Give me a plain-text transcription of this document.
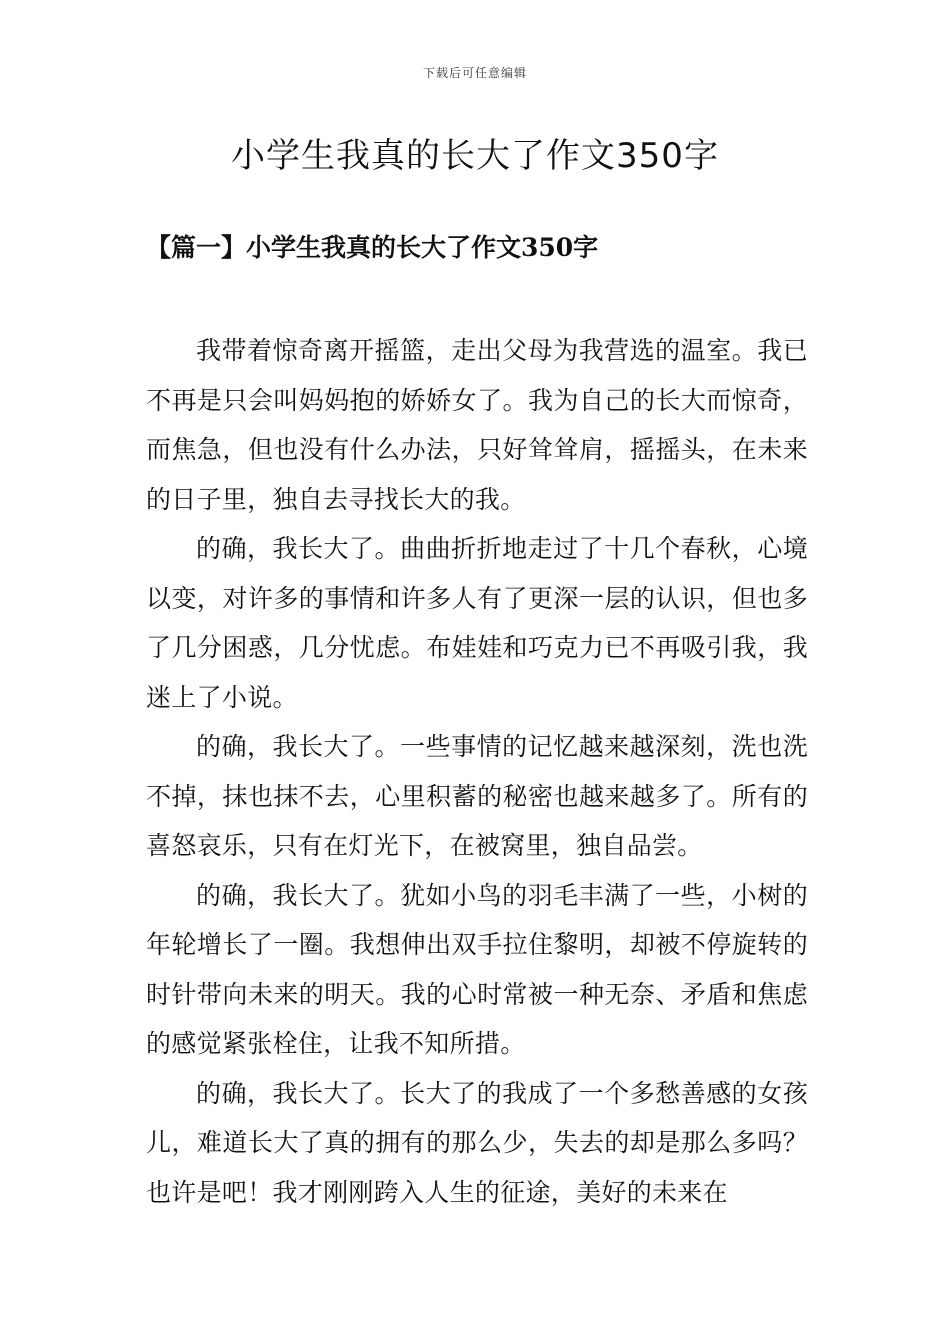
下载后可任意编辑
小学生我真的长大了作文350字
【篇一】小学生我真的长大了作文350字

我带着惊奇离开摇篮，走出父母为我营选的温室。我已不再是只会叫妈妈抱的娇娇女了。我为自己的长大而惊奇，而焦急，但也没有什么办法，只好耸耸肩，摇摇头，在未来的日子里，独自去寻找长大的我。

的确，我长大了。曲曲折折地走过了十几个春秋，心境以变，对许多的事情和许多人有了更深一层的认识，但也多了几分困惑，几分忧虑。布娃娃和巧克力已不再吸引我，我迷上了小说。

的确，我长大了。一些事情的记忆越来越深刻，洗也洗不掉，抹也抹不去，心里积蓄的秘密也越来越多了。所有的喜怒哀乐，只有在灯光下，在被窝里，独自品尝。

的确，我长大了。犹如小鸟的羽毛丰满了一些，小树的年轮增长了一圈。我想伸出双手拉住黎明，却被不停旋转的时针带向未来的明天。我的心时常被一种无奈、矛盾和焦虑的感觉紧张栓住，让我不知所措。

的确，我长大了。长大了的我成了一个多愁善感的女孩儿，难道长大了真的拥有的那么少，失去的却是那么多吗？也许是吧！我才刚刚跨入人生的征途，美好的未来在
